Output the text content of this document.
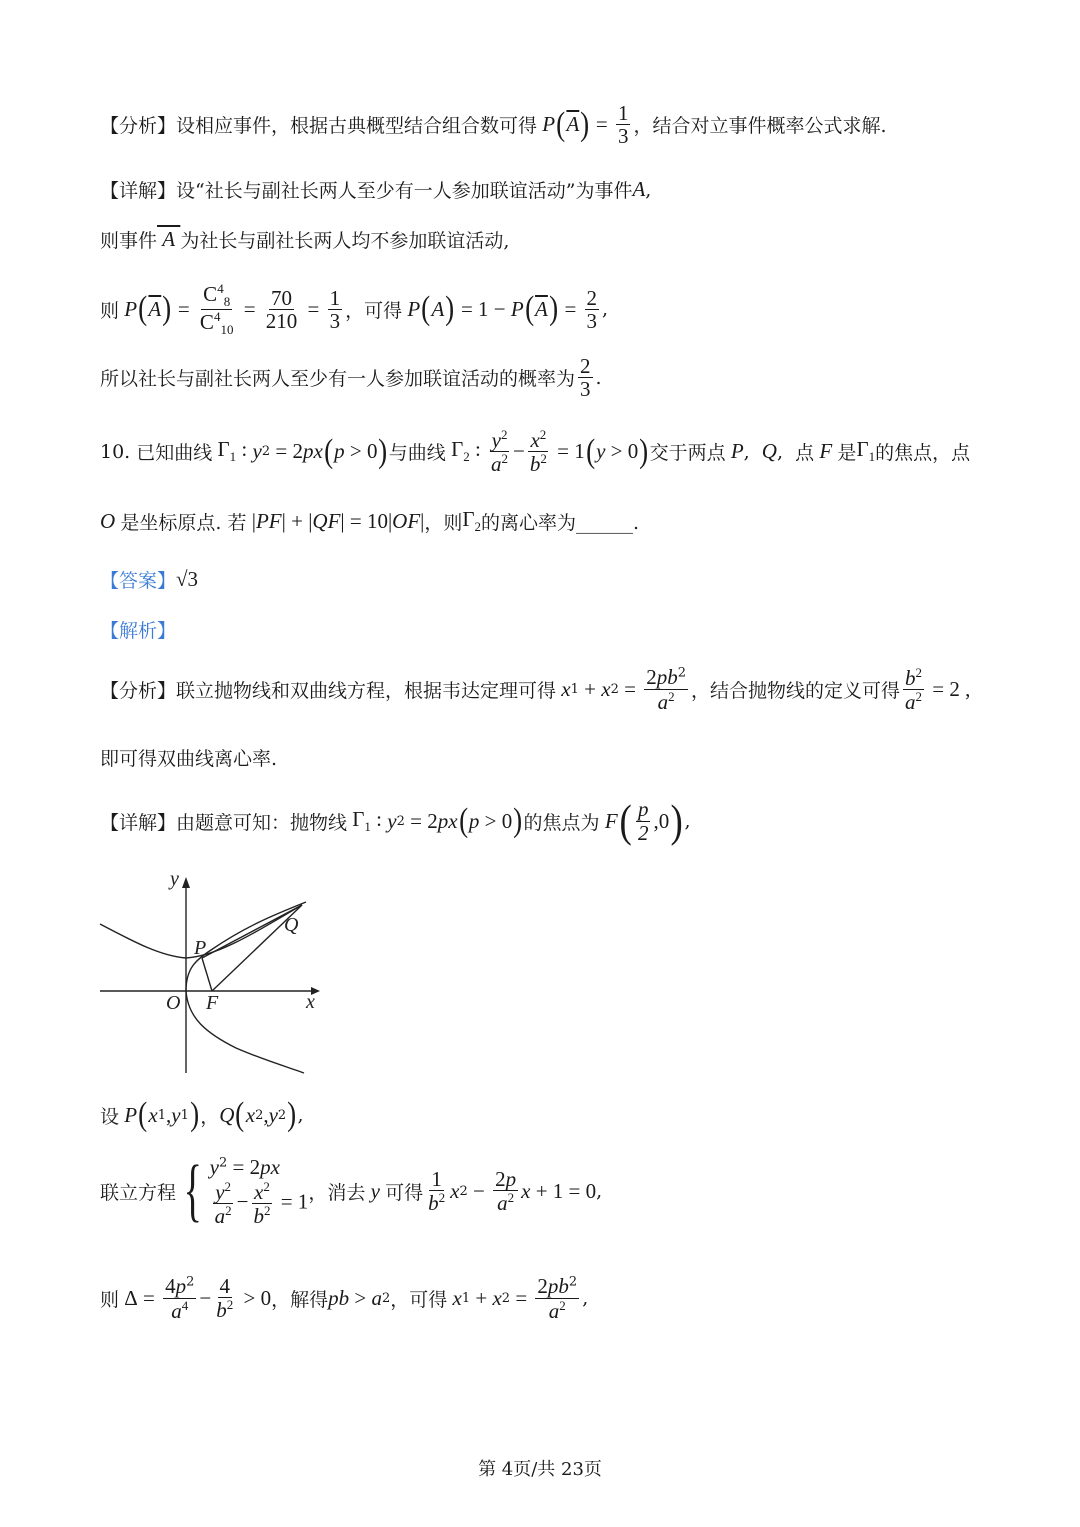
【分析】 设相应事件，根据古典概型结合组合数可得 P ( $\overline{A}$ ) = $\frac{1}{3}$ ，结合对立事件概率公式求解.
【详解】 设“社长与副社长两人至少有一人参加联谊活动”为事件 A ,
则事件 A 为社长与副社长两人均不参加联谊活动,
则 P ( $\overline{A}$ ) = $\frac{C^4_8}{C^4_{10}} = \frac{70}{210} = \frac{1}{3}$ ，可得 P ( A ) = 1 − P ( $\overline{A}$ ) = $\frac{2}{3}$ ,
所以社长与副社长两人至少有一人参加联谊活动的概率为 $\frac{2}{3}$ .
10.
已知曲线 $\Gamma_1$ : y 2 = 2 px ( p > 0 ) 与曲线 $\Gamma_2$ : $\frac{y^2}{a^2} - \frac{x^2}{b^2} = 1$ ( y > 0 ) 交于两点 P , Q , 点 F 是 $\Gamma_1$ 的焦点，点
O 是坐标原点. 若 | PF | + | QF | = 10| OF | ，则 $\Gamma_2$ 的离心率为______.
【答案】 √3
【解析】
【分析】 联立抛物线和双曲线方程，根据韦达定理可得 x 1 + x $2 = \frac{2pb^2}{a^2}$ ，结合抛物线的定义可得 $\frac{b^2}{a^2} = 2$ ,
即可得双曲线离心率.
【详解】 由题意可知：抛物线 $\Gamma_1$ : y 2 = 2 px ( p > 0 ) 的焦点为 F ( $\frac{p}{2} ,0$ ) ,
y
x
O F
P
Q
设 P ( x 1 , y 1 ) ， Q ( x 2 , y 2 ) ,
联立方程 { $y^2 = 2px$
$\frac{y^2}{a^2} - \frac{x^2}{b^2} = 1$ ，消去 y 可得 $\frac{1}{b^2}$ x $2 - \frac{2p}{a^2}$ x + 1 = 0 ,
则 $\Delta = \frac{4p^2}{a^4} - \frac{4}{b^2} > 0$ ，解得 pb > a 2 ，可得 x 1 + x $2 = \frac{2pb^2}{a^2}$ ,
第 4页/共 23页
